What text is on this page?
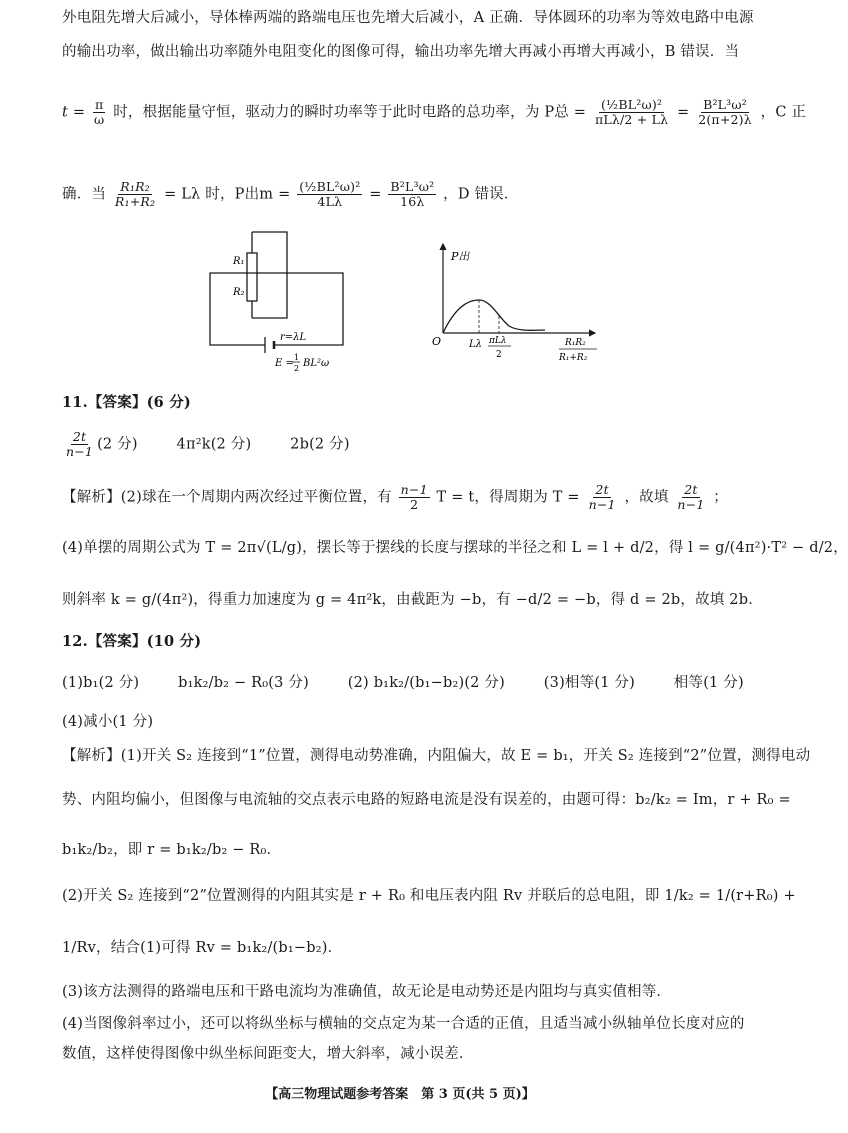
外电阻先增大后减小，导体棒两端的路端电压也先增大后减小，A 正确．导体圆环的功率为等效电路中电源
的输出功率，做出输出功率随外电阻变化的图像可得，输出功率先增大再减小再增大再减小，B 错误．当
$t = \frac{\pi}{\omega}$ 时，根据能量守恒，驱动力的瞬时功率等于此时电路的总功率，为 P总 = $\frac{\text{(½BL²ω)²}}{\text{πLλ/2 + Lλ}} = \frac{\text{B²L³ω²}}{2(\pi+2)\lambda}$ ，C 正
确．当 $\frac{\text{R₁R₂}}{\text{R₁+R₂}} = L\lambda$ 时，P出$m = \frac{\text{(½BL²ω)²}}{4L\lambda} = \frac{\text{B²L³ω²}}{16\lambda}$ ，D 错误．
R₁
R₂
r=λL
E =
1
2 BL²ω
P出
O	Lλ πLλ
2
R₁R₂
R₁+R₂
11.【答案】(6 分)
$\frac{2t}{n-1} (2$ 分)	4π²k(2 分)	2b(2 分)
【解析】(2)球在一个周期内两次经过平衡位置，有 $\frac{n-1}{2}$ T = t，得周期为 $T = \frac{2t}{n-1}$ ，故填 $\frac{2t}{n-1}$ ；
(4)单摆的周期公式为 T = 2π√(L/g)，摆长等于摆线的长度与摆球的半径之和 L = l + d/2，得 l = g/(4π²)·T² − d/2，
则斜率 k = g/(4π²)，得重力加速度为 g = 4π²k，由截距为 −b，有 −d/2 = −b，得 d = 2b，故填 2b．
12.【答案】(10 分)
(1)b₁(2 分)	b₁k₂/b₂ − R₀(3 分)	(2) b₁k₂/(b₁−b₂)(2 分)	(3)相等(1 分)	相等(1 分)
(4)减小(1 分)
【解析】(1)开关 S₂ 连接到“1”位置，测得电动势准确，内阻偏大，故 E = b₁，开关 S₂ 连接到“2”位置，测得电动
势、内阻均偏小，但图像与电流轴的交点表示电路的短路电流是没有误差的，由题可得：b₂/k₂ = Im，r + R₀ =
b₁k₂/b₂，即 r = b₁k₂/b₂ − R₀．
(2)开关 S₂ 连接到“2”位置测得的内阻其实是 r + R₀ 和电压表内阻 Rv 并联后的总电阻，即 1/k₂ = 1/(r+R₀) +
1/Rv，结合(1)可得 Rv = b₁k₂/(b₁−b₂)．
(3)该方法测得的路端电压和干路电流均为准确值，故无论是电动势还是内阻均与真实值相等．
(4)当图像斜率过小，还可以将纵坐标与横轴的交点定为某一合适的正值，且适当减小纵轴单位长度对应的
数值，这样使得图像中纵坐标间距变大，增大斜率，减小误差．
【高三物理试题参考答案　第 3 页(共 5 页)】
